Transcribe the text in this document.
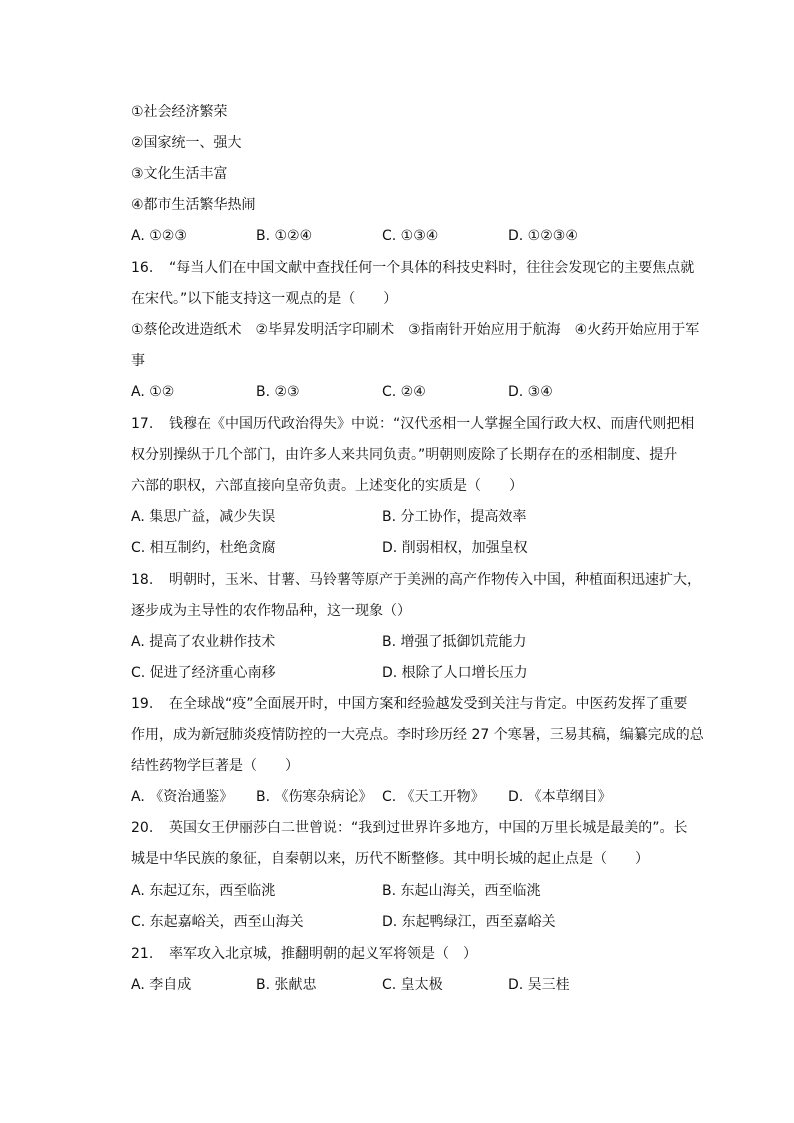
①社会经济繁荣
②国家统一、强大
③文化生活丰富
④都市生活繁华热闹
A. ①②③	B. ①②④	C. ①③④	D. ①②③④
16. “每当人们在中国文献中查找任何一个具体的科技史料时，往往会发现它的主要焦点就
在宋代。”以下能支持这一观点的是（　　）
①蔡伦改进造纸术　②毕昇发明活字印刷术　③指南针开始应用于航海　④火药开始应用于军
事
A. ①②	B. ②③	C. ②④	D. ③④
17. 钱穆在《中国历代政治得失》中说：“汉代丞相一人掌握全国行政大权、而唐代则把相
权分别操纵于几个部门，由许多人来共同负责。”明朝则废除了长期存在的丞相制度、提升
六部的职权，六部直接向皇帝负责。上述变化的实质是（　　）
A. 集思广益，减少失误	B. 分工协作，提高效率
C. 相互制约，杜绝贪腐	D. 削弱相权，加强皇权
18. 明朝时，玉米、甘薯、马铃薯等原产于美洲的高产作物传入中国，种植面积迅速扩大，
逐步成为主导性的农作物品种，这一现象（）
A. 提高了农业耕作技术	B. 增强了抵御饥荒能力
C. 促进了经济重心南移	D. 根除了人口增长压力
19. 在全球战“疫”全面展开时，中国方案和经验越发受到关注与肯定。中医药发挥了重要
作用，成为新冠肺炎疫情防控的一大亮点。李时珍历经 27 个寒暑，三易其稿，编纂完成的总
结性药物学巨著是（　　）
A. 《资治通鉴》 B. 《伤寒杂病论》 C. 《天工开物》 D. 《本草纲目》
20. 英国女王伊丽莎白二世曾说：“我到过世界许多地方，中国的万里长城是最美的”。长
城是中华民族的象征，自秦朝以来，历代不断整修。其中明长城的起止点是（　　）
A. 东起辽东，西至临洮	B. 东起山海关，西至临洮
C. 东起嘉峪关，西至山海关	D. 东起鸭绿江，西至嘉峪关
21. 率军攻入北京城，推翻明朝的起义军将领是（　）
A. 李自成	B. 张献忠	C. 皇太极	D. 吴三桂
